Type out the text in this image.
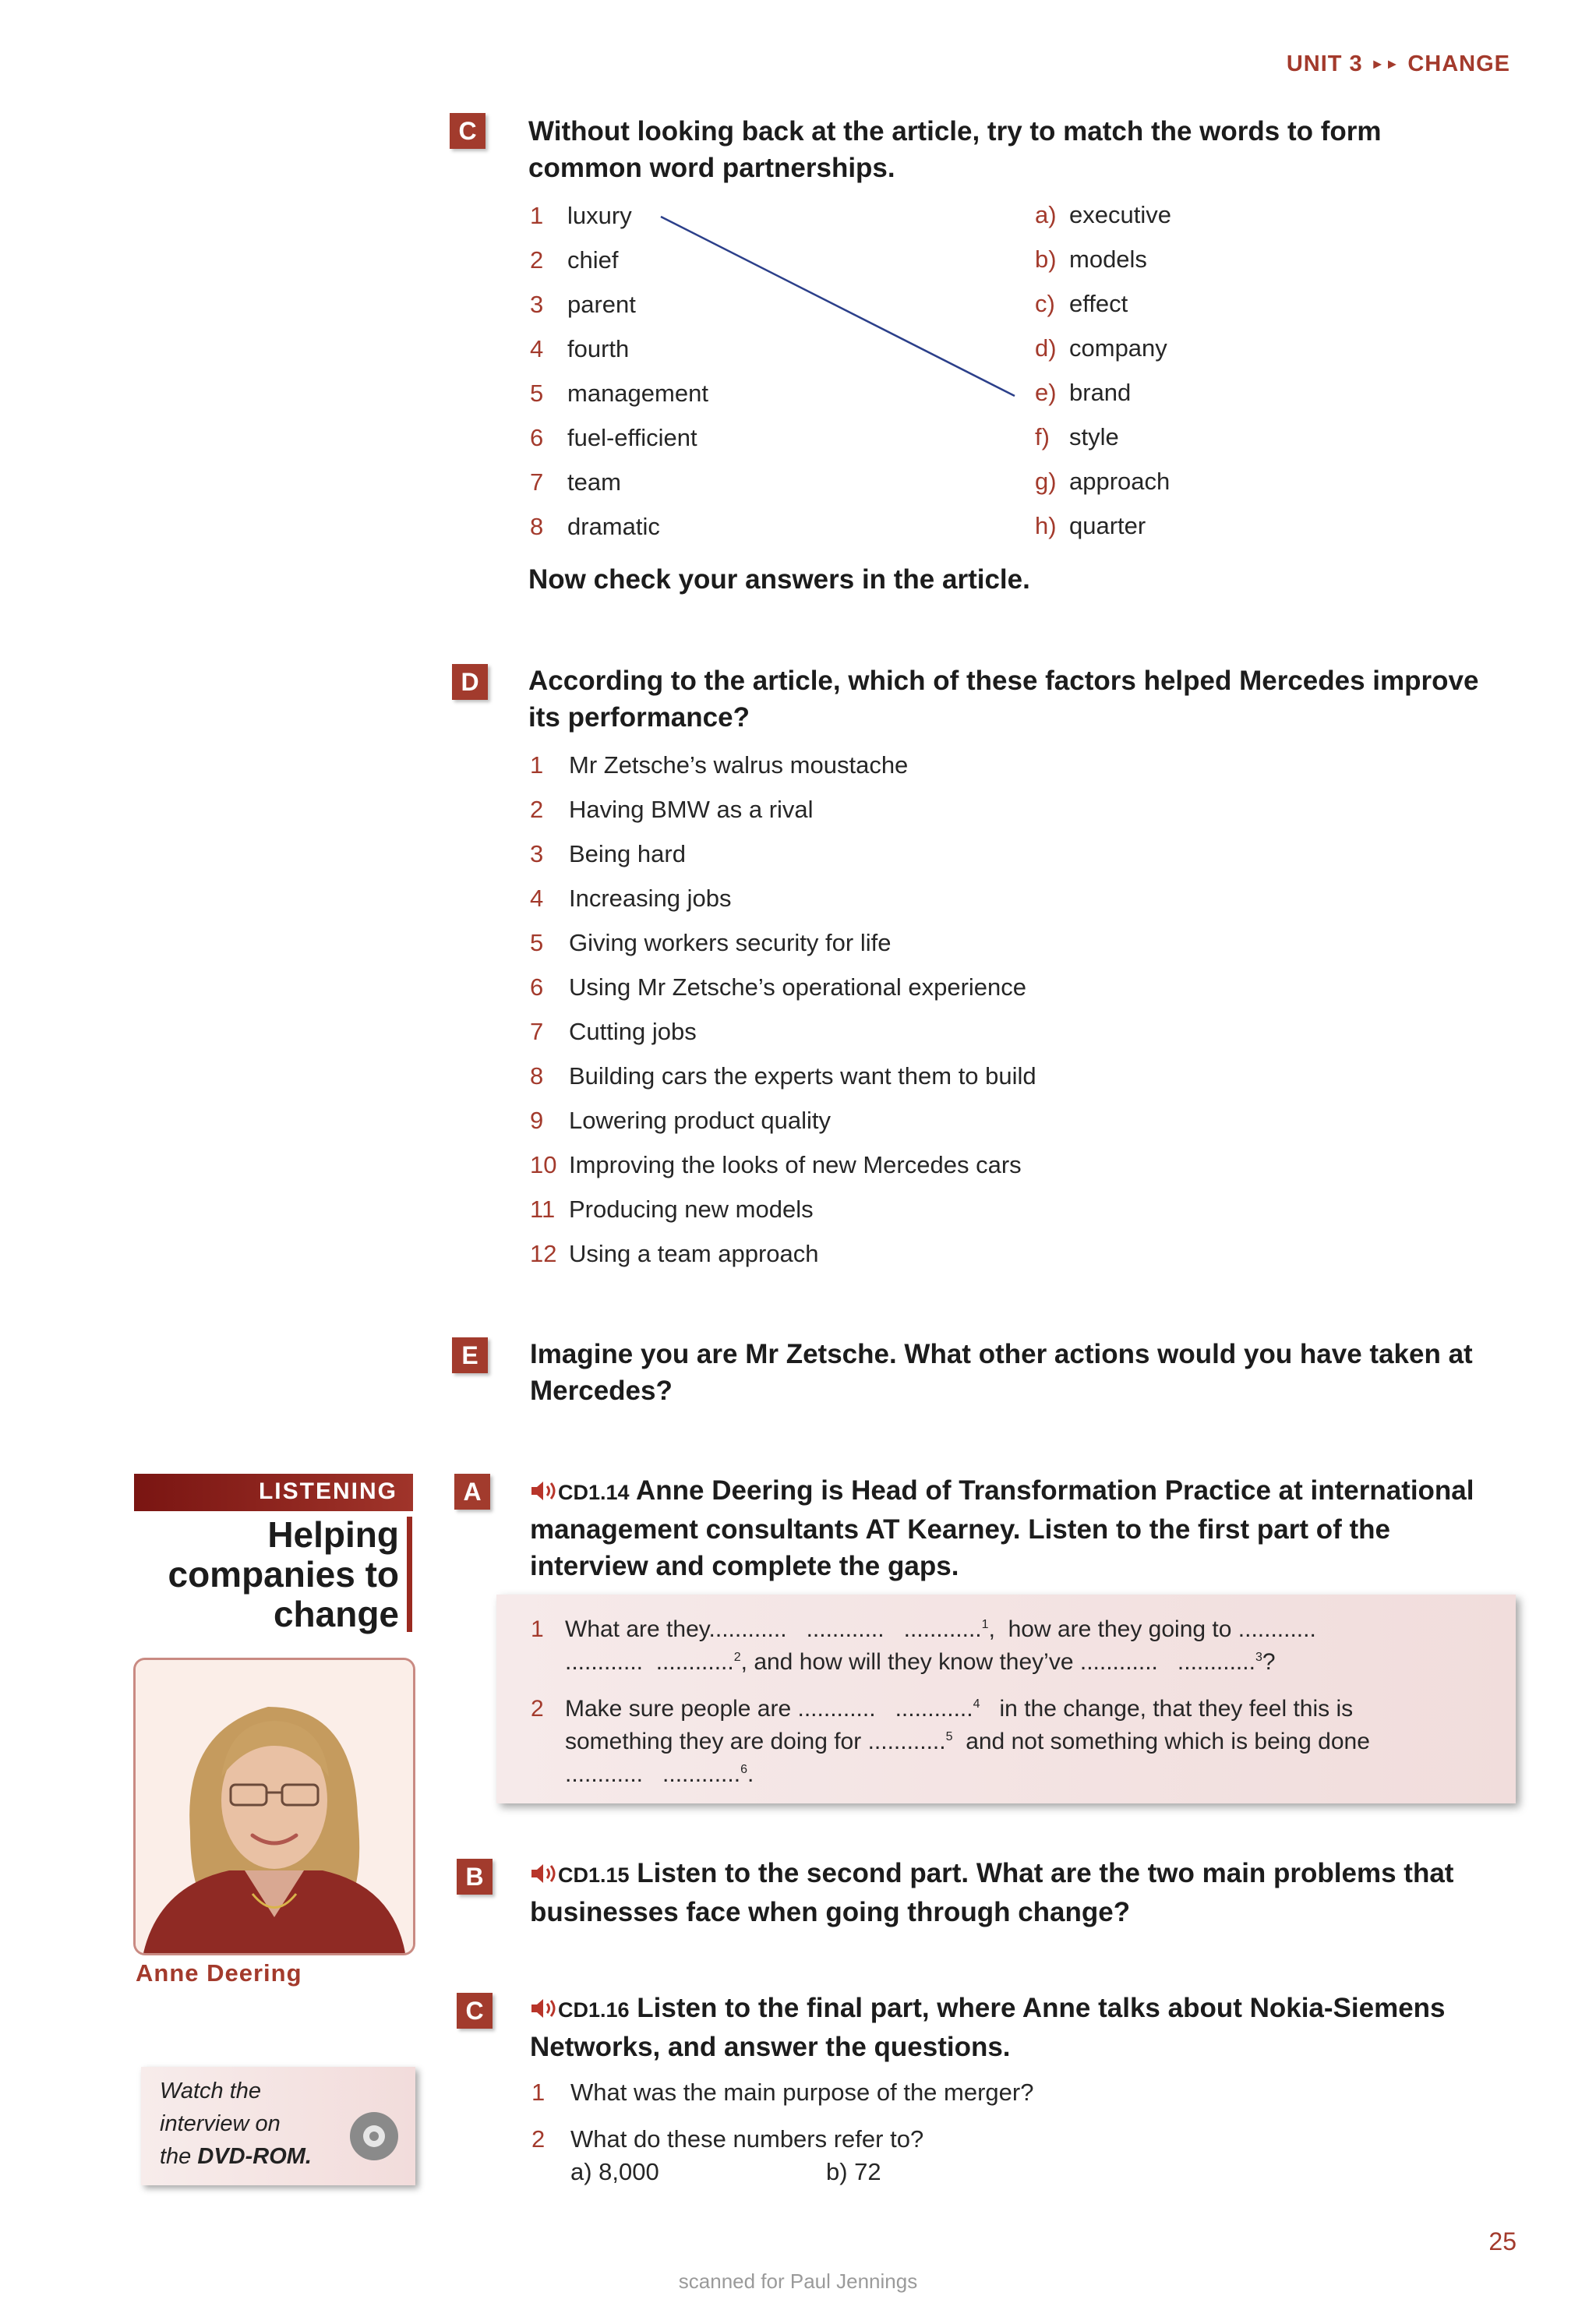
UNIT 3 ►► CHANGE
C	Without looking back at the article, try to match the words to form common word partnerships.
1 luxury
2 chief
3 parent
4 fourth
5 management
6 fuel-efficient
7 team
8 dramatic
a) executive
b) models
c) effect
d) company
e) brand
f) style
g) approach
h) quarter
Now check your answers in the article.
D	According to the article, which of these factors helped Mercedes improve its performance?
1 Mr Zetsche’s walrus moustache
2 Having BMW as a rival
3 Being hard
4 Increasing jobs
5 Giving workers security for life
6 Using Mr Zetsche’s operational experience
7 Cutting jobs
8 Building cars the experts want them to build
9 Lowering product quality
10 Improving the looks of new Mercedes cars
11 Producing new models
12 Using a team approach
E	Imagine you are Mr Zetsche. What other actions would you have taken at Mercedes?
LISTENING
Helping companies to change
Anne Deering
Watch the
interview on
the DVD-ROM.
A	CD1.14 Anne Deering is Head of Transformation Practice at international management consultants AT Kearney. Listen to the first part of the interview and complete the gaps.
1 What are they............ ............ ............$^1$,  how are they going to ............
............ ............$^2$, and how will they know they’ve ............ ............$^3$?
2 Make sure people are ............ ............$^4$ in the change, that they feel this is
something they are doing for ............$^5$ and not something which is being done
............ ............$^6$.
B	CD1.15 Listen to the second part. What are the two main problems that businesses face when going through change?
C	CD1.16 Listen to the final part, where Anne talks about Nokia-Siemens Networks, and answer the questions.
1 What was the main purpose of the merger?
2 What do these numbers refer to?
a) 8,000	b) 72
25
scanned for Paul Jennings
